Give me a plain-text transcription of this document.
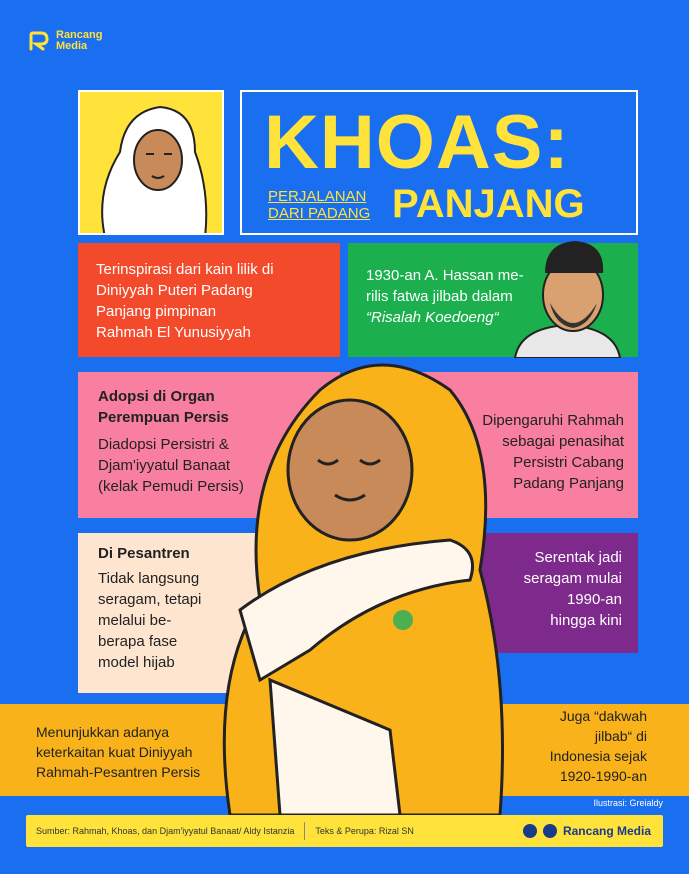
Rancang
Media
KHOAS:
PERJALANAN
DARI PADANG PANJANG
Terinspirasi dari kain lilik di
Diniyyah Puteri Padang
Panjang pimpinan
Rahmah El Yunusiyyah
1930-an A. Hassan me-
rilis fatwa jilbab dalam
“Risalah Koedoeng“
Adopsi di Organ
Perempuan Persis
Diadopsi Persistri &
Djam'iyyatul Banaat
(kelak Pemudi Persis)
Dipengaruhi Rahmah
sebagai penasihat
Persistri Cabang
Padang Panjang
Di Pesantren
Tidak langsung
seragam, tetapi
melalui be-
berapa fase
model hijab
Serentak jadi
seragam mulai
1990-an
hingga kini
Menunjukkan adanya
keterkaitan kuat Diniyyah
Rahmah-Pesantren Persis
Juga “dakwah
jilbab“ di
Indonesia sejak
1920-1990-an
Ilustrasi: Greialdy
Sumber: Rahmah, Khoas, dan Djam'iyyatul Banaat/ Aldy Istanzia Teks & Perupa: Rizal SN	Rancang Media
